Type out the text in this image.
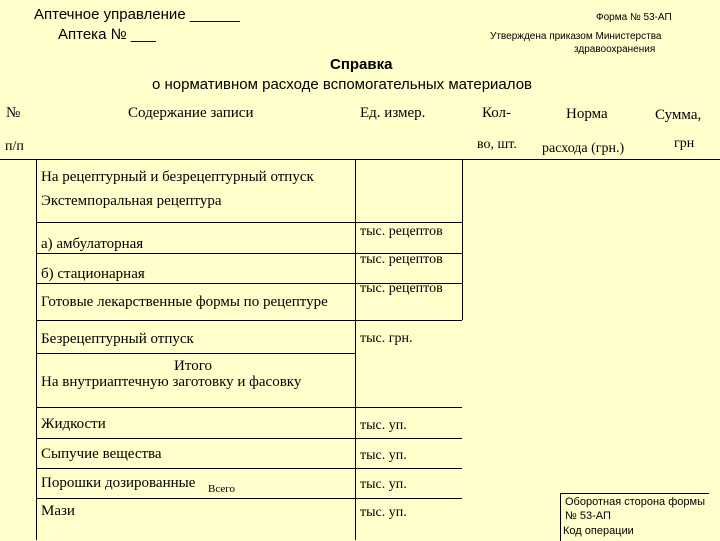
Аптечное управление ______
Аптека № ___
Форма № 53-АП
Утверждена приказом Министерства
здравоохранения
Справка
о нормативном расходе вспомогательных материалов
№
п/п
Содержание записи	Ед. измер.	Кол-
во, шт.
Норма
расхода (грн.)
Сумма,
грн
На рецептурный и безрецептурный отпуск
Экстемпоральная рецептура
а) амбулаторная
б) стационарная
Готовые лекарственные формы по рецептуре
Безрецептурный отпуск
Итого
На внутриаптечную заготовку и фасовку
Жидкости
Сыпучие вещества
Порошки дозированные Всего
Мази
тыс. рецептов
тыс. рецептов
тыс. рецептов
тыс. грн.
тыс. уп.
тыс. уп.
тыс. уп.
тыс. уп.
Оборотная сторона формы
№ 53-АП
Код операции
